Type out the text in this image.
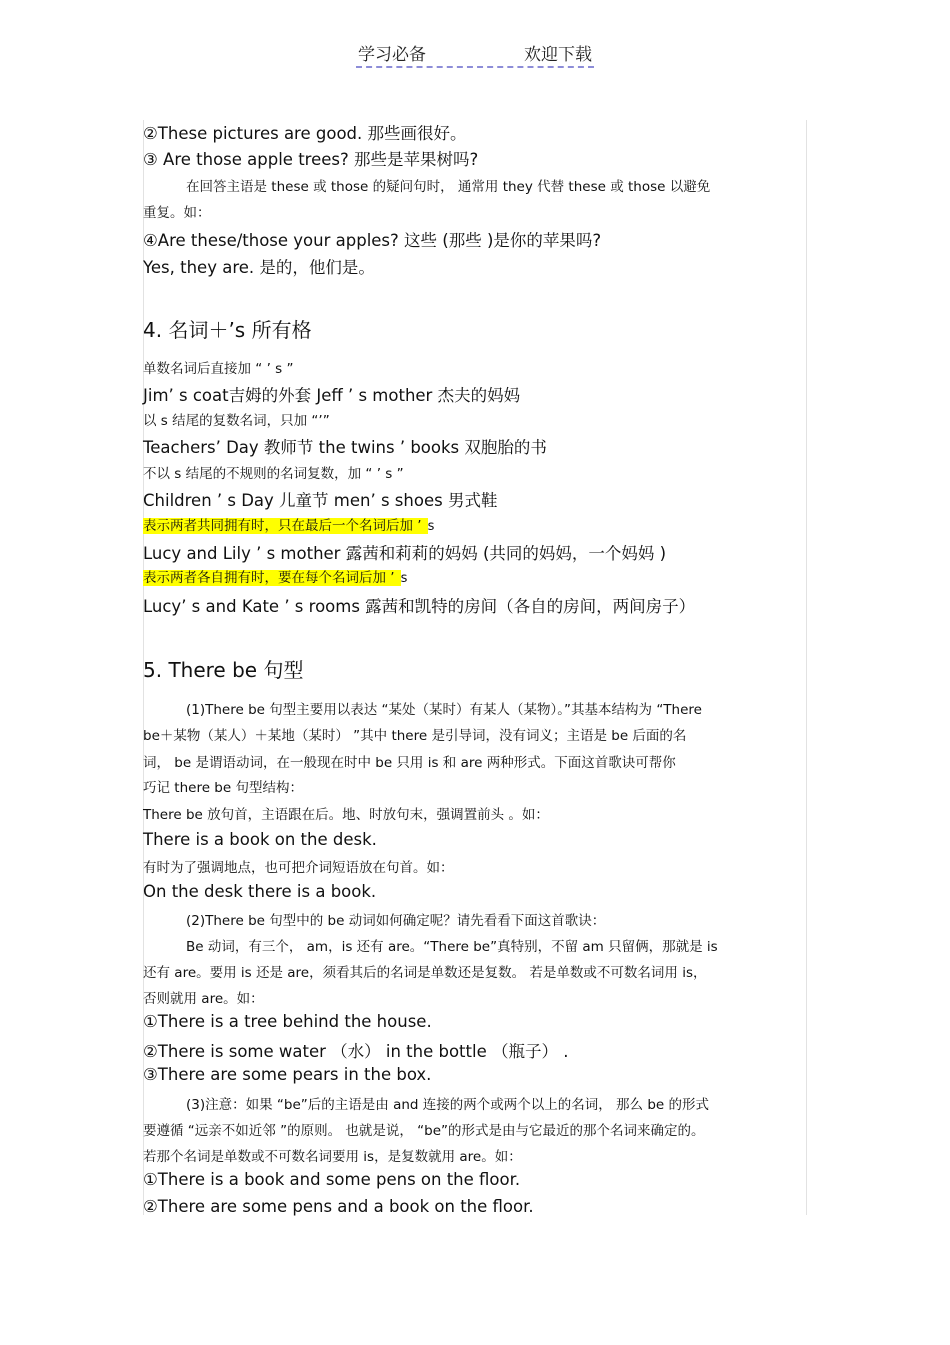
学习必备	欢迎下载
②These pictures are good. 那些画很好。
③ Are those apple trees? 那些是苹果树吗?
在回答主语是 these 或 those 的疑问句时， 通常用 they 代替 these 或 those 以避免
重复。如：
④Are these/those your apples? 这些 (那些 )是你的苹果吗?
Yes, they are. 是的，他们是。
4. 名词＋’s 所有格
单数名词后直接加 “ ’ s ”
Jim’ s coat吉姆的外套 Jeff ’ s mother 杰夫的妈妈
以 s 结尾的复数名词，只加 “’”
Teachers’ Day 教师节 the twins ’ books 双胞胎的书
不以 s 结尾的不规则的名词复数，加 “ ’ s ”
Children ’ s Day 儿童节 men’ s shoes 男式鞋
表示两者共同拥有时，只在最后一个名词后加 ’ s
Lucy and Lily ’ s mother 露茜和莉莉的妈妈 (共同的妈妈，一个妈妈 )
表示两者各自拥有时，要在每个名词后加 ’ s
Lucy’ s and Kate ’ s rooms 露茜和凯特的房间（各自的房间，两间房子）
5. There be 句型
(1)There be 句型主要用以表达 “某处（某时）有某人（某物）。”其基本结构为 “There
be＋某物（某人）＋某地（某时） ”其中 there 是引导词，没有词义；主语是 be 后面的名
词， be 是谓语动词，在一般现在时中 be 只用 is 和 are 两种形式。下面这首歌诀可帮你
巧记 there be 句型结构：
There be 放句首，主语跟在后。地、时放句末，强调置前头 。如：
There is a book on the desk.
有时为了强调地点，也可把介词短语放在句首。如：
On the desk there is a book.
(2)There be 句型中的 be 动词如何确定呢？请先看看下面这首歌诀：
Be 动词，有三个， am，is 还有 are。“There be”真特别，不留 am 只留俩，那就是 is
还有 are。要用 is 还是 are，须看其后的名词是单数还是复数。 若是单数或不可数名词用 is，
否则就用 are。如：
①There is a tree behind the house.
②There is some water （水） in the bottle （瓶子） .
③There are some pears in the box.
(3)注意：如果 “be”后的主语是由 and 连接的两个或两个以上的名词， 那么 be 的形式
要遵循 “远亲不如近邻 ”的原则。 也就是说， “be”的形式是由与它最近的那个名词来确定的。
若那个名词是单数或不可数名词要用 is，是复数就用 are。如：
①There is a book and some pens on the floor.
②There are some pens and a book on the floor.
